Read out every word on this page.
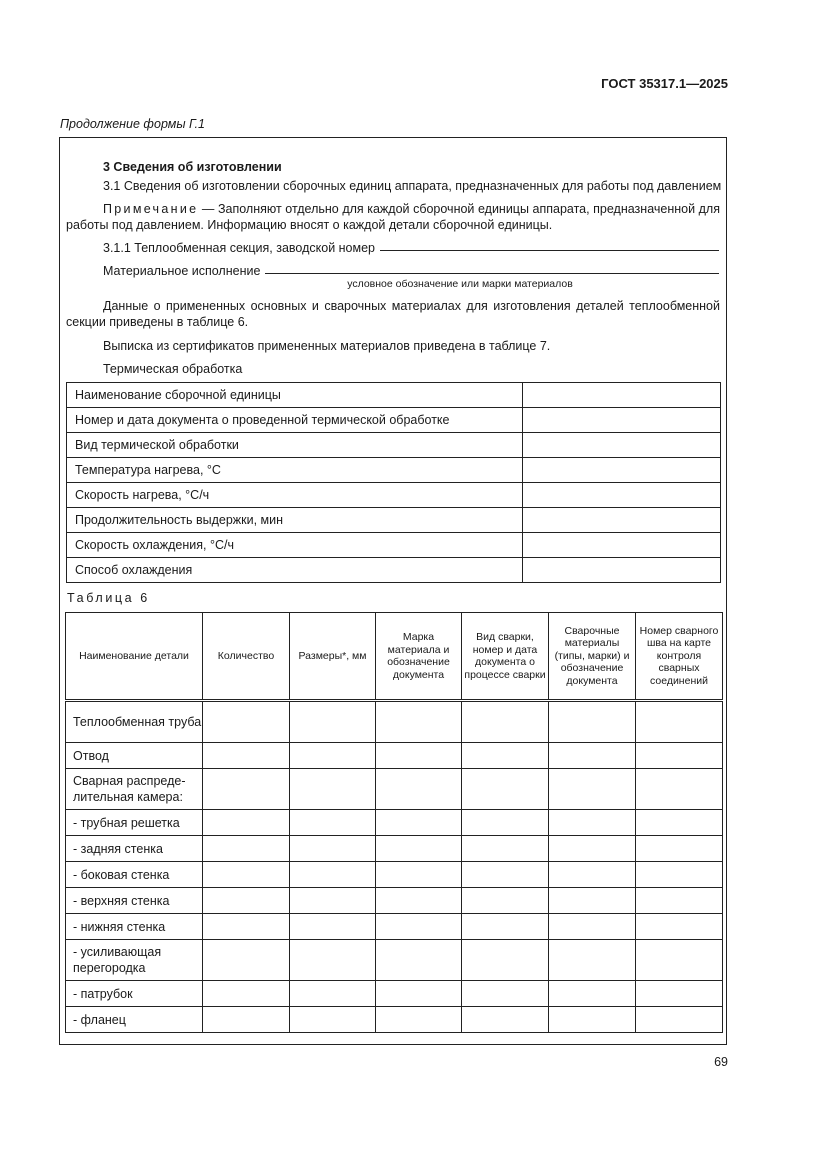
ГОСТ 35317.1—2025
Продолжение формы Г.1
3 Сведения об изготовлении
3.1 Сведения об изготовлении сборочных единиц аппарата, предназначенных для работы под давлением
Примечание — Заполняют отдельно для каждой сборочной единицы аппарата, предназначенной для работы под давлением. Информацию вносят о каждой детали сборочной единицы.
3.1.1 Теплообменная секция, заводской номер
Материальное исполнение
условное обозначение или марки материалов
Данные о примененных основных и сварочных материалах для изготовления деталей теплообменной секции приведены в таблице 6.
Выписка из сертификатов примененных материалов приведена в таблице 7.
Термическая обработка
Наименование сборочной единицы	
Номер и дата документа о проведенной термической обработке	
Вид термической обработки	
Температура нагрева, °С	
Скорость нагрева, °С/ч	
Продолжительность выдержки, мин	
Скорость охлаждения, °С/ч	
Способ охлаждения	
Таблица 6
Наименование детали	Количество	Размеры*, мм	Марка материала и обозначение документа	Вид сварки, номер и дата документа о процессе сварки	Сварочные материалы (типы, марки) и обозначение документа	Номер сварного шва на карте контроля сварных соединений
Теплообменная труба						
Отвод						
Сварная распреде-лительная камера:						
- трубная решетка						
- задняя стенка						
- боковая стенка						
- верхняя стенка						
- нижняя стенка						
- усиливающая перегородка						
- патрубок						
- фланец						
69
